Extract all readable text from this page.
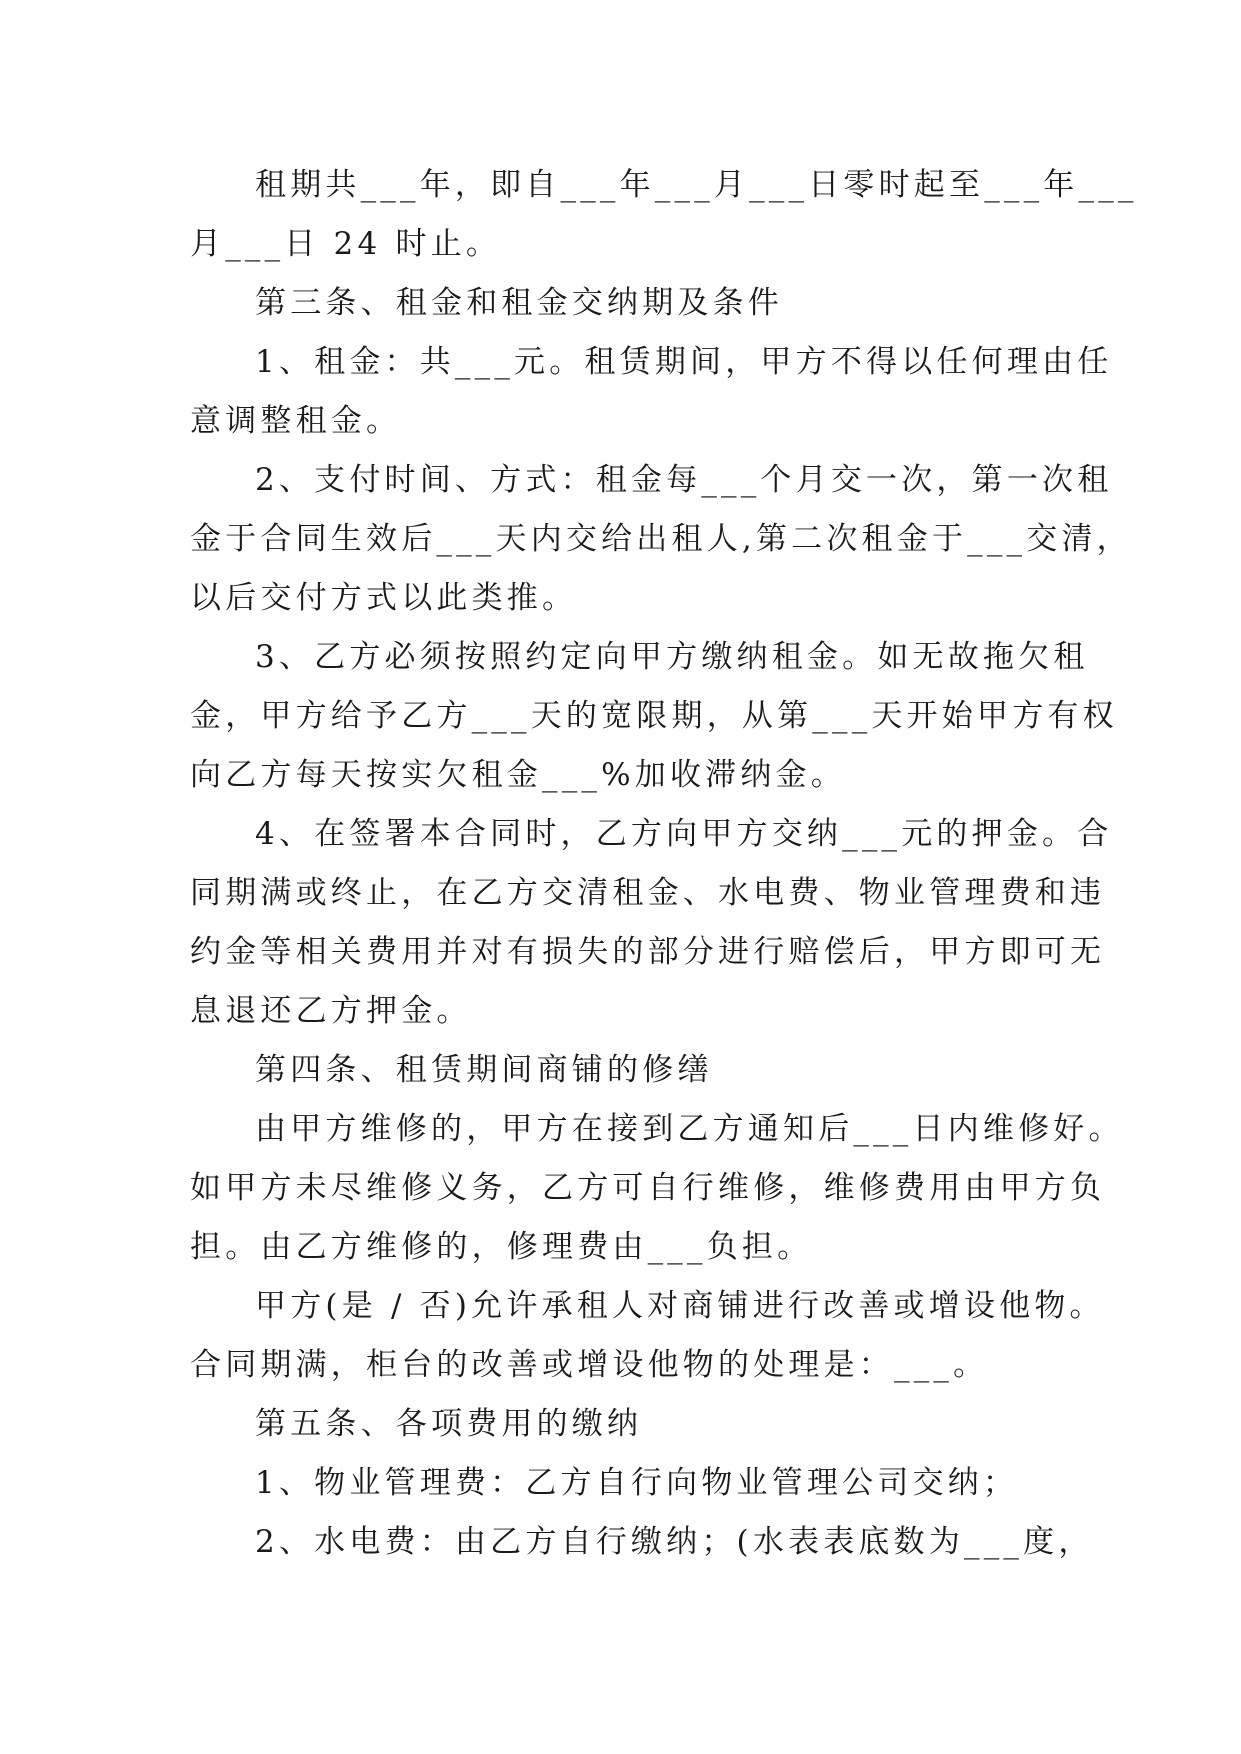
租期共___年，即自___年___月___日零时起至___年___
月___日 24 时止。
第三条、租金和租金交纳期及条件
1、租金：共___元。租赁期间，甲方不得以任何理由任
意调整租金。
2、支付时间、方式：租金每___个月交一次，第一次租
金于合同生效后___天内交给出租人,第二次租金于___交清，
以后交付方式以此类推。
3、乙方必须按照约定向甲方缴纳租金。如无故拖欠租
金，甲方给予乙方___天的宽限期，从第___天开始甲方有权
向乙方每天按实欠租金___%加收滞纳金。
4、在签署本合同时，乙方向甲方交纳___元的押金。合
同期满或终止，在乙方交清租金、水电费、物业管理费和违
约金等相关费用并对有损失的部分进行赔偿后，甲方即可无
息退还乙方押金。
第四条、租赁期间商铺的修缮
由甲方维修的，甲方在接到乙方通知后___日内维修好。
如甲方未尽维修义务，乙方可自行维修，维修费用由甲方负
担。由乙方维修的，修理费由___负担。
甲方(是 / 否)允许承租人对商铺进行改善或增设他物。
合同期满，柜台的改善或增设他物的处理是：___。
第五条、各项费用的缴纳
1、物业管理费：乙方自行向物业管理公司交纳；
2、水电费：由乙方自行缴纳；(水表表底数为___度，
